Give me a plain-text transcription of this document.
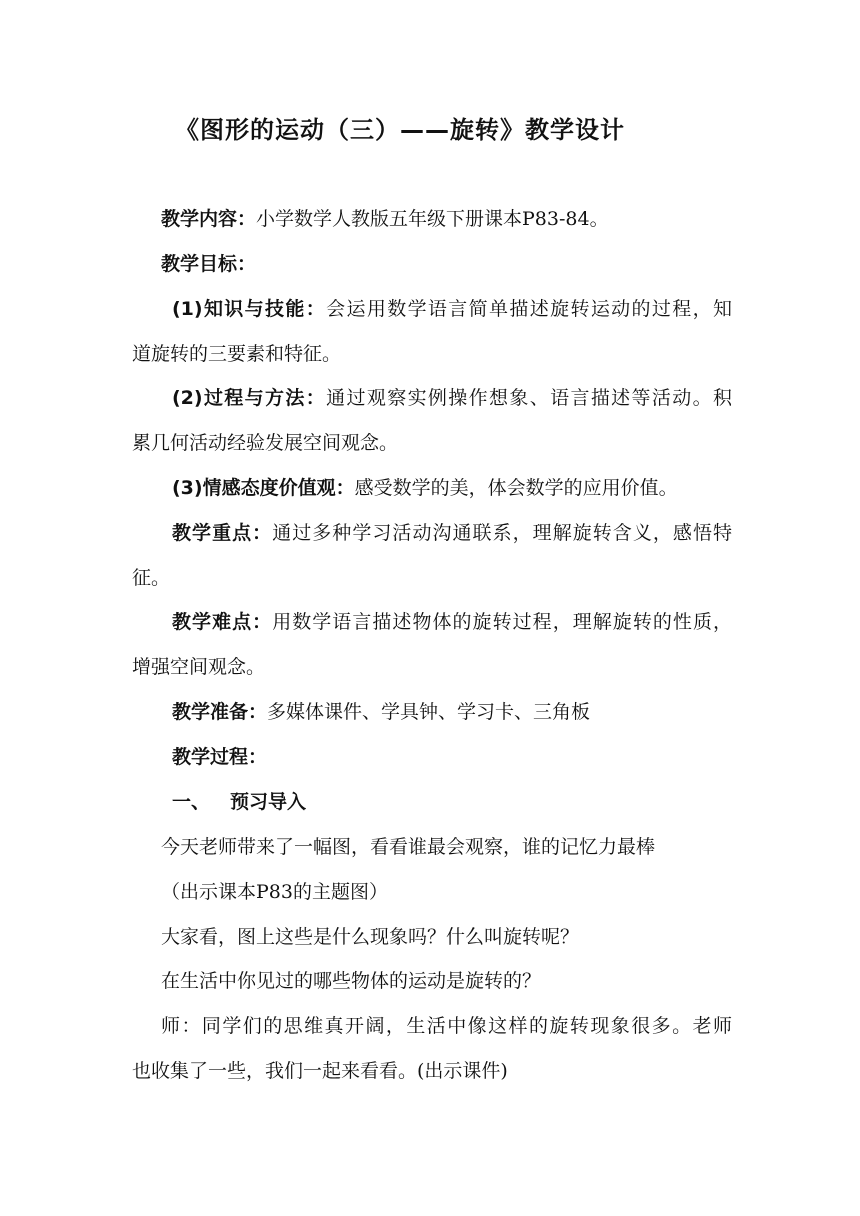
《图形的运动（三）——旋转》教学设计
教学内容：小学数学人教版五年级下册课本P83-84。
教学目标：
(1)知识与技能：会运用数学语言简单描述旋转运动的过程，知
道旋转的三要素和特征。
(2)过程与方法：通过观察实例操作想象、语言描述等活动。积
累几何活动经验发展空间观念。
(3)情感态度价值观：感受数学的美，体会数学的应用价值。
教学重点：通过多种学习活动沟通联系，理解旋转含义，感悟特
征。
教学难点：用数学语言描述物体的旋转过程，理解旋转的性质，
增强空间观念。
教学准备：多媒体课件、学具钟、学习卡、三角板
教学过程：
一、 预习导入
今天老师带来了一幅图，看看谁最会观察，谁的记忆力最棒
（出示课本P83的主题图）
大家看，图上这些是什么现象吗？什么叫旋转呢？
在生活中你见过的哪些物体的运动是旋转的？
师：同学们的思维真开阔，生活中像这样的旋转现象很多。老师
也收集了一些，我们一起来看看。(出示课件)
